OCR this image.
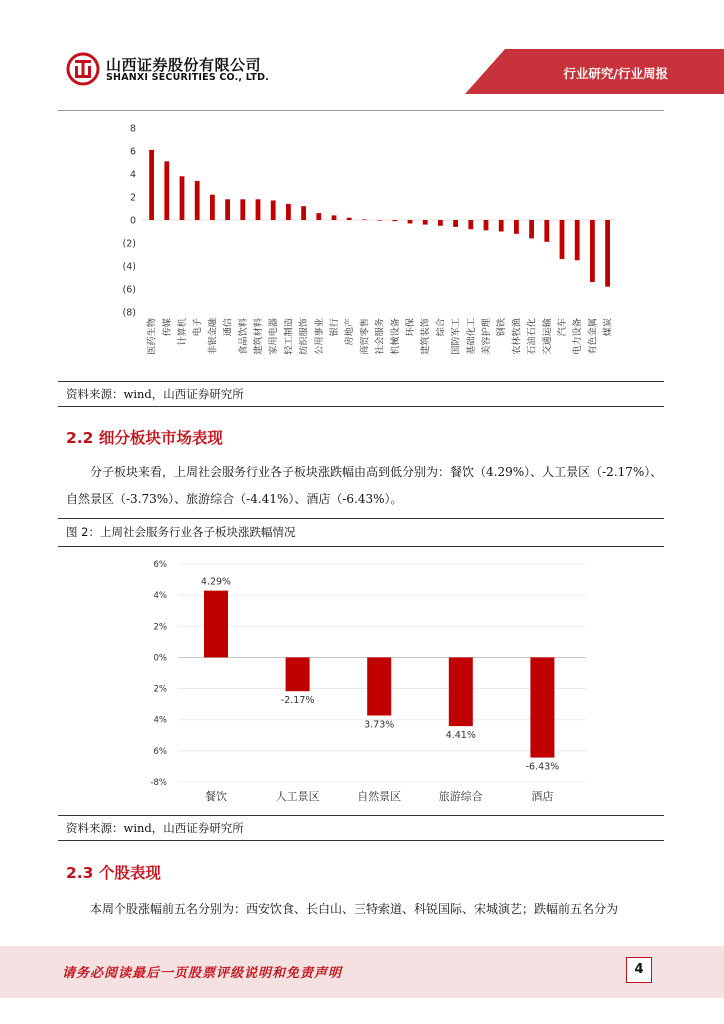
山西证券股份有限公司
SHANXI SECURITIES CO., LTD.	行业研究/行业周报
8
6
4
2
0
(2)
(4)
(6)
(8)
医药生物 传媒 计算机 电子 非银金融 通信 食品饮料 建筑材料 家用电器 轻工制造 纺织服饰 公用事业 银行 房地产 商贸零售 社会服务 机械设备 环保 建筑装饰 综合 国防军工 基础化工 美容护理 钢铁 农林牧渔 石油石化 交通运输 汽车 电力设备 有色金属 煤炭
资料来源：wind，山西证券研究所
2.2 细分板块市场表现
分子板块来看，上周社会服务行业各子板块涨跌幅由高到低分别为：餐饮（4.29%）、人工景区（-2.17%）、自然景区（-3.73%）、旅游综合（-4.41%）、酒店（-6.43%）。
图 2：上周社会服务行业各子板块涨跌幅情况
6%
4%
2%
0%
2%
4%
6%
-8%
4.29%
餐饮
-2.17%
人工景区
3.73%
自然景区
4.41%
旅游综合
-6.43%
酒店
资料来源：wind，山西证券研究所
2.3 个股表现
本周个股涨幅前五名分别为：西安饮食、长白山、三特索道、科锐国际、宋城演艺；跌幅前五名分为
请务必阅读最后一页股票评级说明和免责声明	4
